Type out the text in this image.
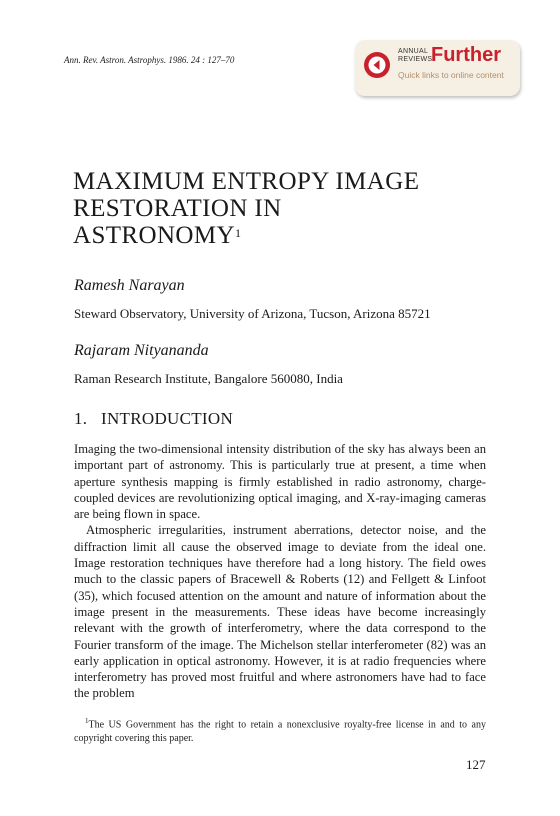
Ann. Rev. Astron. Astrophys. 1986. 24 : 127–70
ANNUAL
REVIEWS
Further
Quick links to online content
MAXIMUM ENTROPY IMAGE
RESTORATION IN
ASTRONOMY$^1$
Ramesh Narayan
Steward Observatory, University of Arizona, Tucson, Arizona 85721
Rajaram Nityananda
Raman Research Institute, Bangalore 560080, India
1. INTRODUCTION

Imaging the two-dimensional intensity distribution of the sky has always been an important part of astronomy. This is particularly true at present, a time when aperture synthesis mapping is firmly established in radio astronomy, charge-coupled devices are revolutionizing optical imaging, and X-ray-imaging cameras are being flown in space.

Atmospheric irregularities, instrument aberrations, detector noise, and the diffraction limit all cause the observed image to deviate from the ideal one. Image restoration techniques have therefore had a long history. The field owes much to the classic papers of Bracewell & Roberts (12) and Fellgett & Linfoot (35), which focused attention on the amount and nature of information about the image present in the measurements. These ideas have become increasingly relevant with the growth of interferometry, where the data correspond to the Fourier transform of the image. The Michelson stellar interferometer (82) was an early application in optical astronomy. However, it is at radio frequencies where interferometry has proved most fruitful and where astronomers have had to face the problem

$^1$The US Government has the right to retain a nonexclusive royalty-free license in and to any copyright covering this paper.

127
